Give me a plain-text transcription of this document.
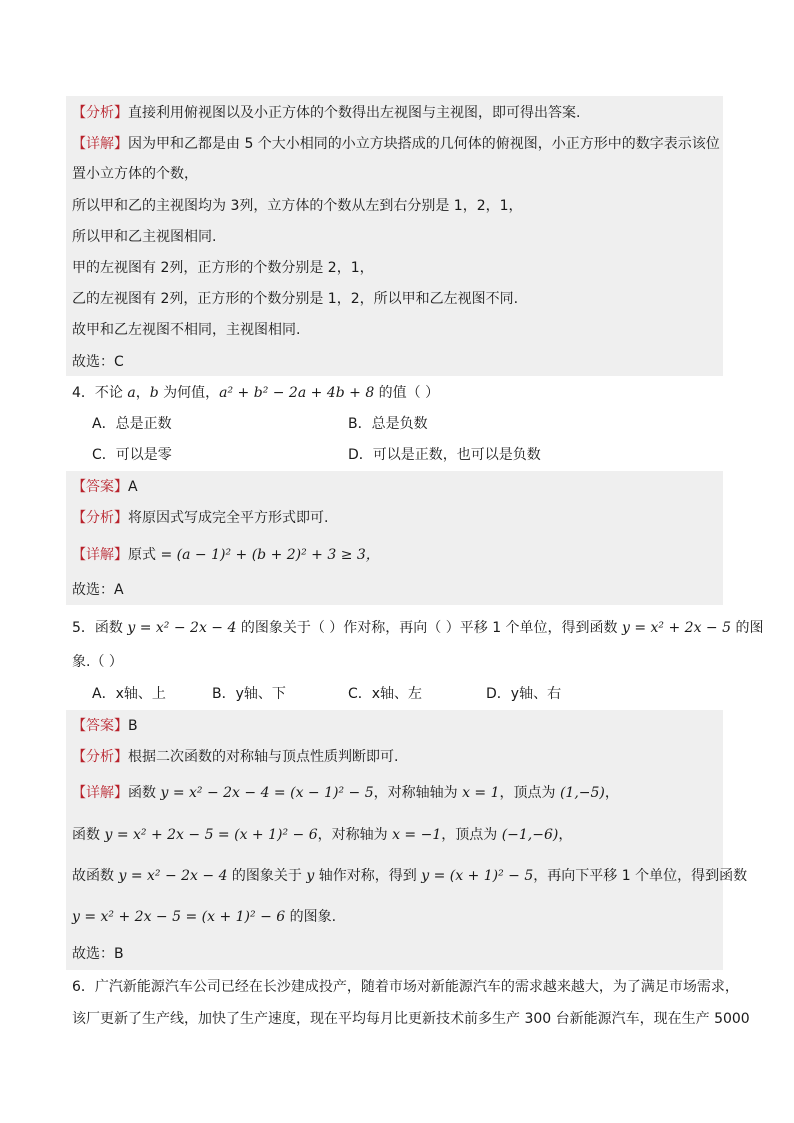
【分析】直接利用俯视图以及小正方体的个数得出左视图与主视图，即可得出答案.
【详解】因为甲和乙都是由 5 个大小相同的小立方块搭成的几何体的俯视图，小正方形中的数字表示该位
置小立方体的个数，
所以甲和乙的主视图均为 3列，立方体的个数从左到右分别是 1，2，1，
所以甲和乙主视图相同.
甲的左视图有 2列，正方形的个数分别是 2，1，
乙的左视图有 2列，正方形的个数分别是 1，2，所以甲和乙左视图不同.
故甲和乙左视图不相同，主视图相同.
故选：C
4．不论 a，b 为何值，a² + b² − 2a + 4b + 8 的值（ ）
A．总是正数	B．总是负数
C．可以是零	D．可以是正数，也可以是负数
【答案】A
【分析】将原因式写成完全平方形式即可.
【详解】原式 = (a − 1)² + (b + 2)² + 3 ≥ 3，
故选：A
5．函数 y = x² − 2x − 4 的图象关于（ ）作对称，再向（ ）平移 1 个单位，得到函数 y = x² + 2x − 5 的图
象.（ ）
A．x轴、上	B．y轴、下	C．x轴、左	D．y轴、右
【答案】B
【分析】根据二次函数的对称轴与顶点性质判断即可.
【详解】函数 y = x² − 2x − 4 = (x − 1)² − 5，对称轴轴为 x = 1，顶点为 (1,−5)，
函数 y = x² + 2x − 5 = (x + 1)² − 6，对称轴为 x = −1，顶点为 (−1,−6)，
故函数 y = x² − 2x − 4 的图象关于 y 轴作对称，得到 y = (x + 1)² − 5，再向下平移 1 个单位，得到函数
y = x² + 2x − 5 = (x + 1)² − 6 的图象.
故选：B
6．广汽新能源汽车公司已经在长沙建成投产，随着市场对新能源汽车的需求越来越大，为了满足市场需求，
该厂更新了生产线，加快了生产速度，现在平均每月比更新技术前多生产 300 台新能源汽车，现在生产 5000
